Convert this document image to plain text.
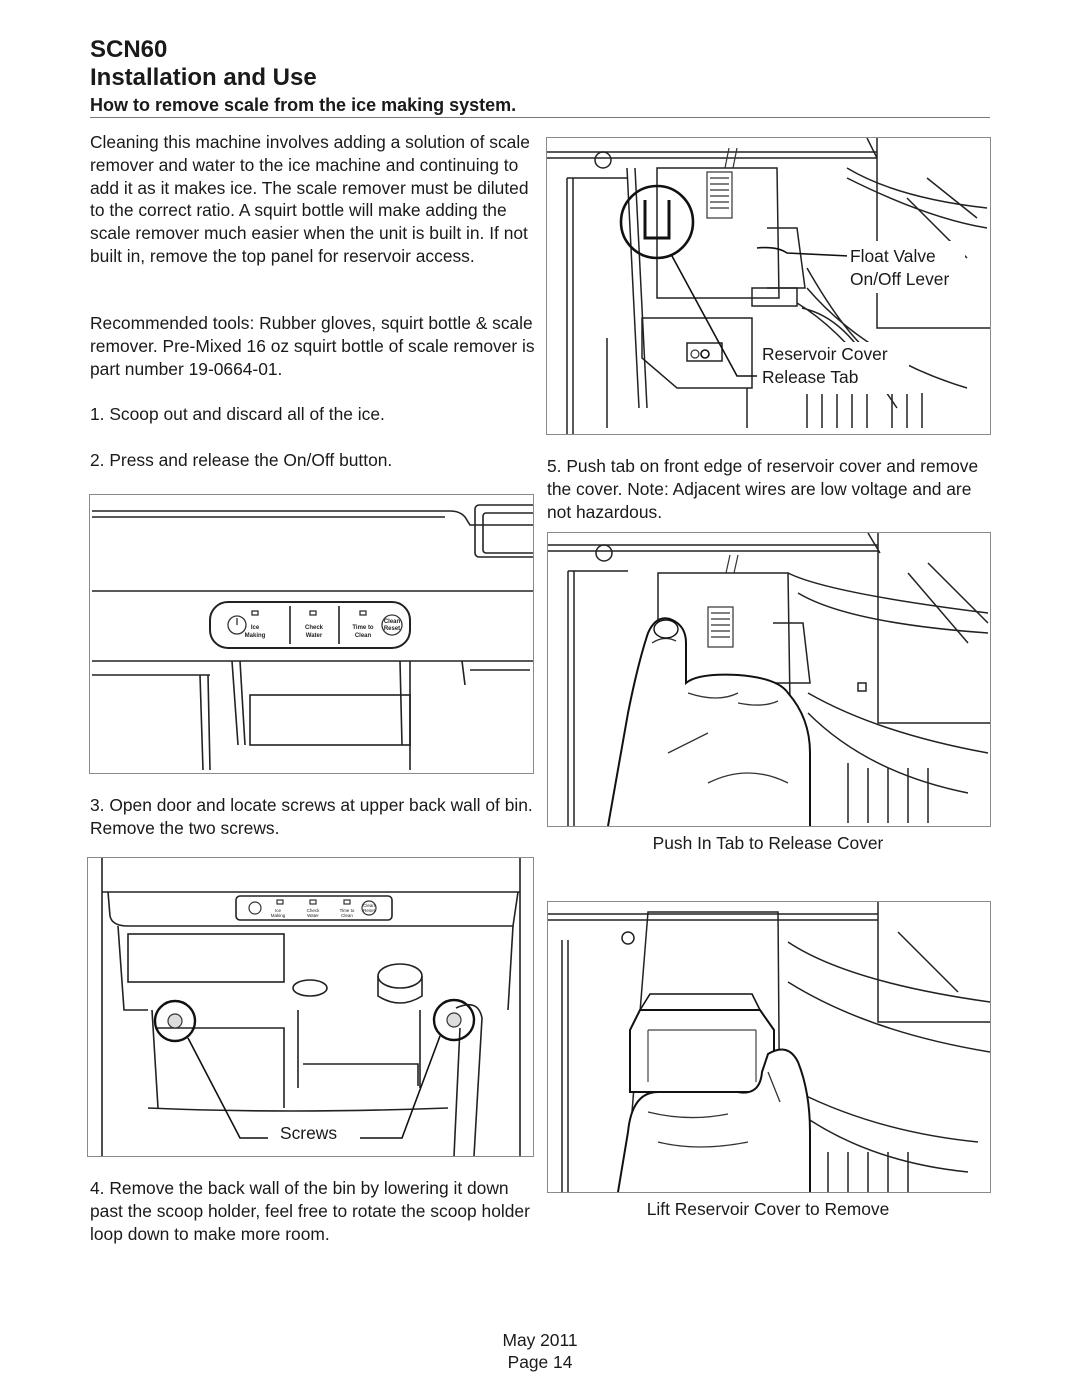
SCN60
Installation and Use
How to remove scale from the ice making system.
Cleaning this machine involves adding a solution of scale remover and water to the ice machine and continuing to add it as it makes ice. The scale remover must be diluted to the correct ratio. A squirt bottle will make adding the scale remover much easier when the unit is built in. If not built in, remove the top panel for reservoir access.
Recommended tools: Rubber gloves, squirt bottle & scale remover. Pre-Mixed 16 oz squirt bottle of scale remover is part number 19-0664-01.
1. Scoop out and discard all of the ice.
2. Press and release the On/Off button.
Ice
Making
Check
Water
Time to
Clean
Clean
Reset
3. Open door and locate screws at upper back wall of bin. Remove the two screws.
Ice
Making
Check
Water
Time to
Clean
Clean
Reset
Screws
4. Remove the back wall of the bin by lowering it down past the scoop holder, feel free to rotate the scoop holder loop down to make more room.
Float Valve
On/Off Lever
Reservoir Cover
Release Tab
5. Push tab on front edge of reservoir cover and remove the cover. Note: Adjacent wires are low voltage and are not hazardous.
Push In Tab to Release Cover
Lift Reservoir Cover to Remove
May 2011
Page 14
